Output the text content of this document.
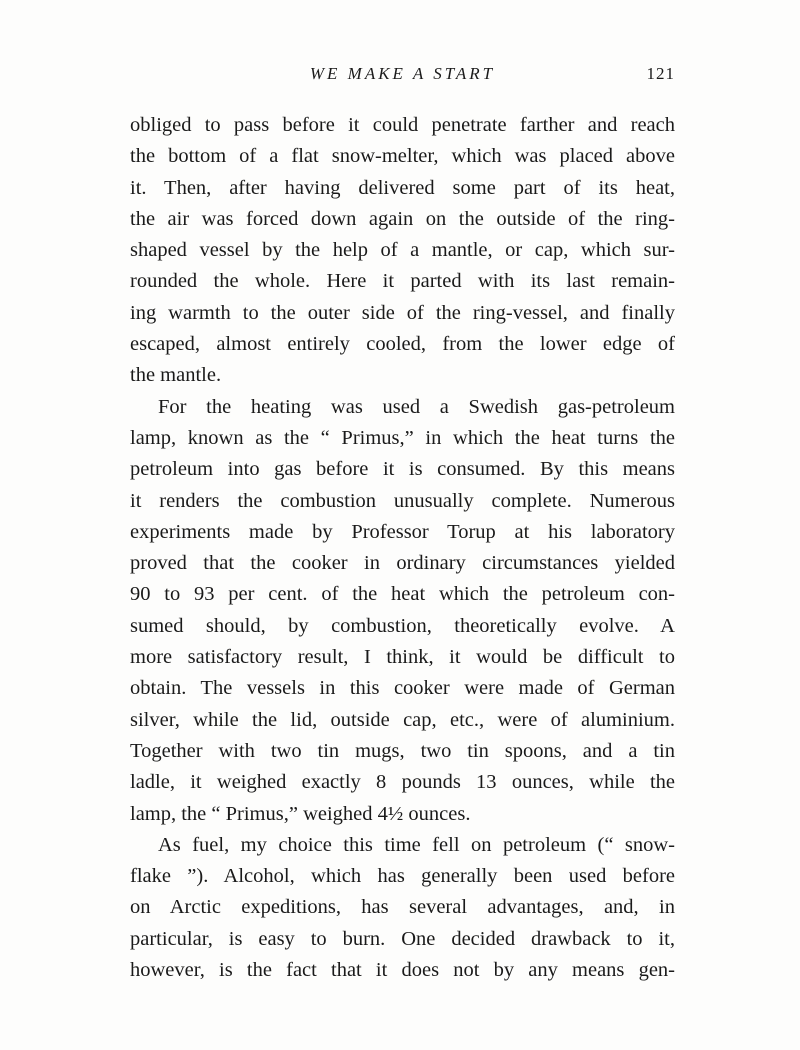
WE MAKE A START	121
obliged to pass before it could penetrate farther and reach
the bottom of a flat snow-melter, which was placed above
it. Then, after having delivered some part of its heat,
the air was forced down again on the outside of the ring-
shaped vessel by the help of a mantle, or cap, which sur-
rounded the whole. Here it parted with its last remain-
ing warmth to the outer side of the ring-vessel, and finally
escaped, almost entirely cooled, from the lower edge of
the mantle.
For the heating was used a Swedish gas-petroleum
lamp, known as the “ Primus,” in which the heat turns the
petroleum into gas before it is consumed. By this means
it renders the combustion unusually complete. Numerous
experiments made by Professor Torup at his laboratory
proved that the cooker in ordinary circumstances yielded
90 to 93 per cent. of the heat which the petroleum con-
sumed should, by combustion, theoretically evolve. A
more satisfactory result, I think, it would be difficult to
obtain. The vessels in this cooker were made of German
silver, while the lid, outside cap, etc., were of aluminium.
Together with two tin mugs, two tin spoons, and a tin
ladle, it weighed exactly 8 pounds 13 ounces, while the
lamp, the “ Primus,” weighed 4½ ounces.
As fuel, my choice this time fell on petroleum (“ snow-
flake ”). Alcohol, which has generally been used before
on Arctic expeditions, has several advantages, and, in
particular, is easy to burn. One decided drawback to it,
however, is the fact that it does not by any means gen-
